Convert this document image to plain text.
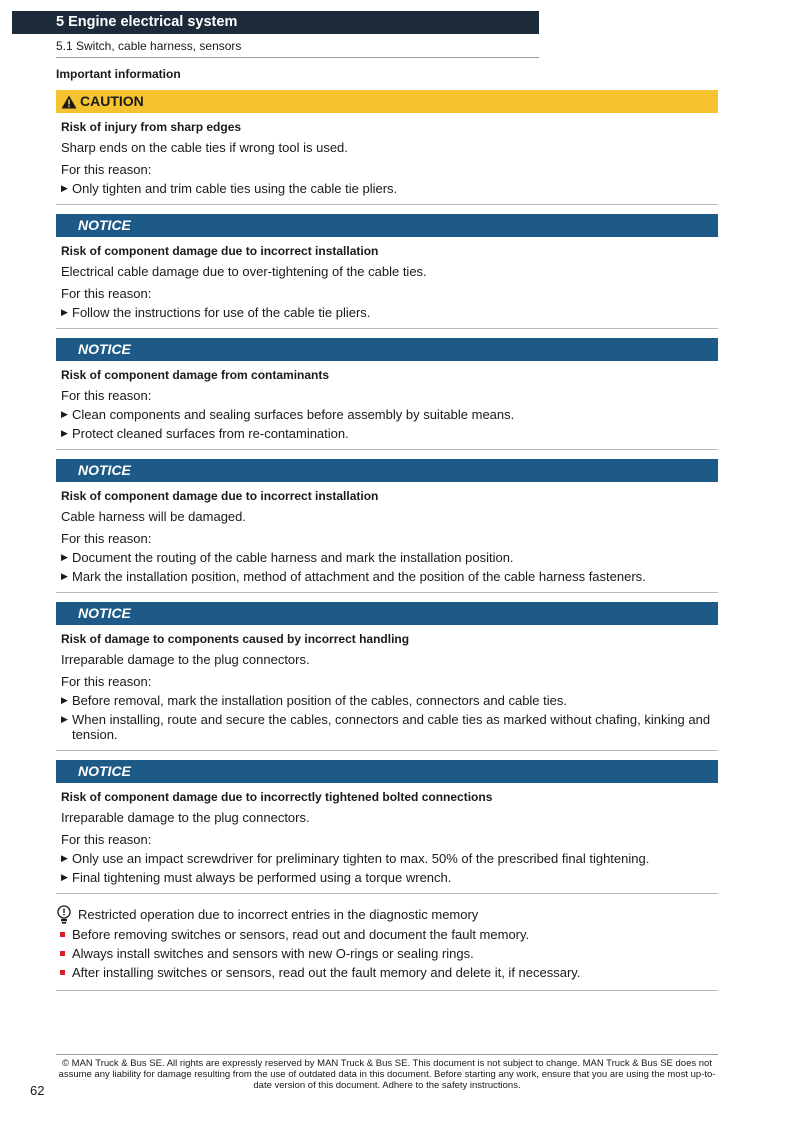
5 Engine electrical system
5.1 Switch, cable harness, sensors
Important information
CAUTION
Risk of injury from sharp edges
Sharp ends on the cable ties if wrong tool is used.
For this reason:
▶ Only tighten and trim cable ties using the cable tie pliers.
NOTICE
Risk of component damage due to incorrect installation
Electrical cable damage due to over-tightening of the cable ties.
For this reason:
▶ Follow the instructions for use of the cable tie pliers.
NOTICE
Risk of component damage from contaminants
For this reason:
▶ Clean components and sealing surfaces before assembly by suitable means.
▶ Protect cleaned surfaces from re-contamination.
NOTICE
Risk of component damage due to incorrect installation
Cable harness will be damaged.
For this reason:
▶ Document the routing of the cable harness and mark the installation position.
▶ Mark the installation position, method of attachment and the position of the cable harness fasteners.
NOTICE
Risk of damage to components caused by incorrect handling
Irreparable damage to the plug connectors.
For this reason:
▶ Before removal, mark the installation position of the cables, connectors and cable ties.
▶ When installing, route and secure the cables, connectors and cable ties as marked without chafing, kinking and tension.
NOTICE
Risk of component damage due to incorrectly tightened bolted connections
Irreparable damage to the plug connectors.
For this reason:
▶ Only use an impact screwdriver for preliminary tighten to max. 50% of the prescribed final tightening.
▶ Final tightening must always be performed using a torque wrench.
Restricted operation due to incorrect entries in the diagnostic memory
Before removing switches or sensors, read out and document the fault memory.
Always install switches and sensors with new O-rings or sealing rings.
After installing switches or sensors, read out the fault memory and delete it, if necessary.
© MAN Truck & Bus SE. All rights are expressly reserved by MAN Truck & Bus SE. This document is not subject to change. MAN Truck & Bus SE does not assume any liability for damage resulting from the use of outdated data in this document. Before starting any work, ensure that you are using the most up-to-date version of this document. Adhere to the safety instructions.
62
